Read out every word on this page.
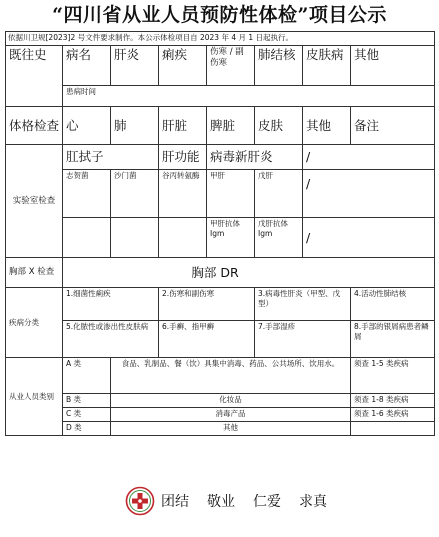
“四川省从业人员预防性体检”项目公示
依据川卫规[2023]2 号文件要求制作。本公示体检项目自 2023 年 4 月 1 日起执行。							
既往史	病名	肝炎	痢疾	伤寒 / 副伤寒	肺结核	皮肤病	其他
	患病时间						
体格检查	心	肺	肝脏	脾脏	皮肤	其他	备注
实验室检查	肛拭子		肝功能	病毒新肝炎		/	
	志贺菌	沙门菌	谷丙转氨酶	甲肝	戊肝	/	
				甲肝抗体 Igm	戊肝抗体 Igm	/	
胸部 X 检查	胸部 DR						
疾病分类	1.细菌性痢疾		2.伤寒和副伤寒		3.病毒性肝炎（甲型、戊型）		4.活动性肺结核
	5.化脓性或渗出性皮肤病		6.手癣、指甲癣		7.手部湿疹		8.手部的银屑病患者鳞屑
从业人员类别	A 类	食品、乳制品、餐（饮）具集中消毒、药品、公共场所、饮用水。					须查 1-5 类疾病
	B 类	化妆品					须查 1-8 类疾病
	C 类	消毒产品					须查 1-6 类疾病
	D 类	其他					
团结 敬业 仁爱 求真
